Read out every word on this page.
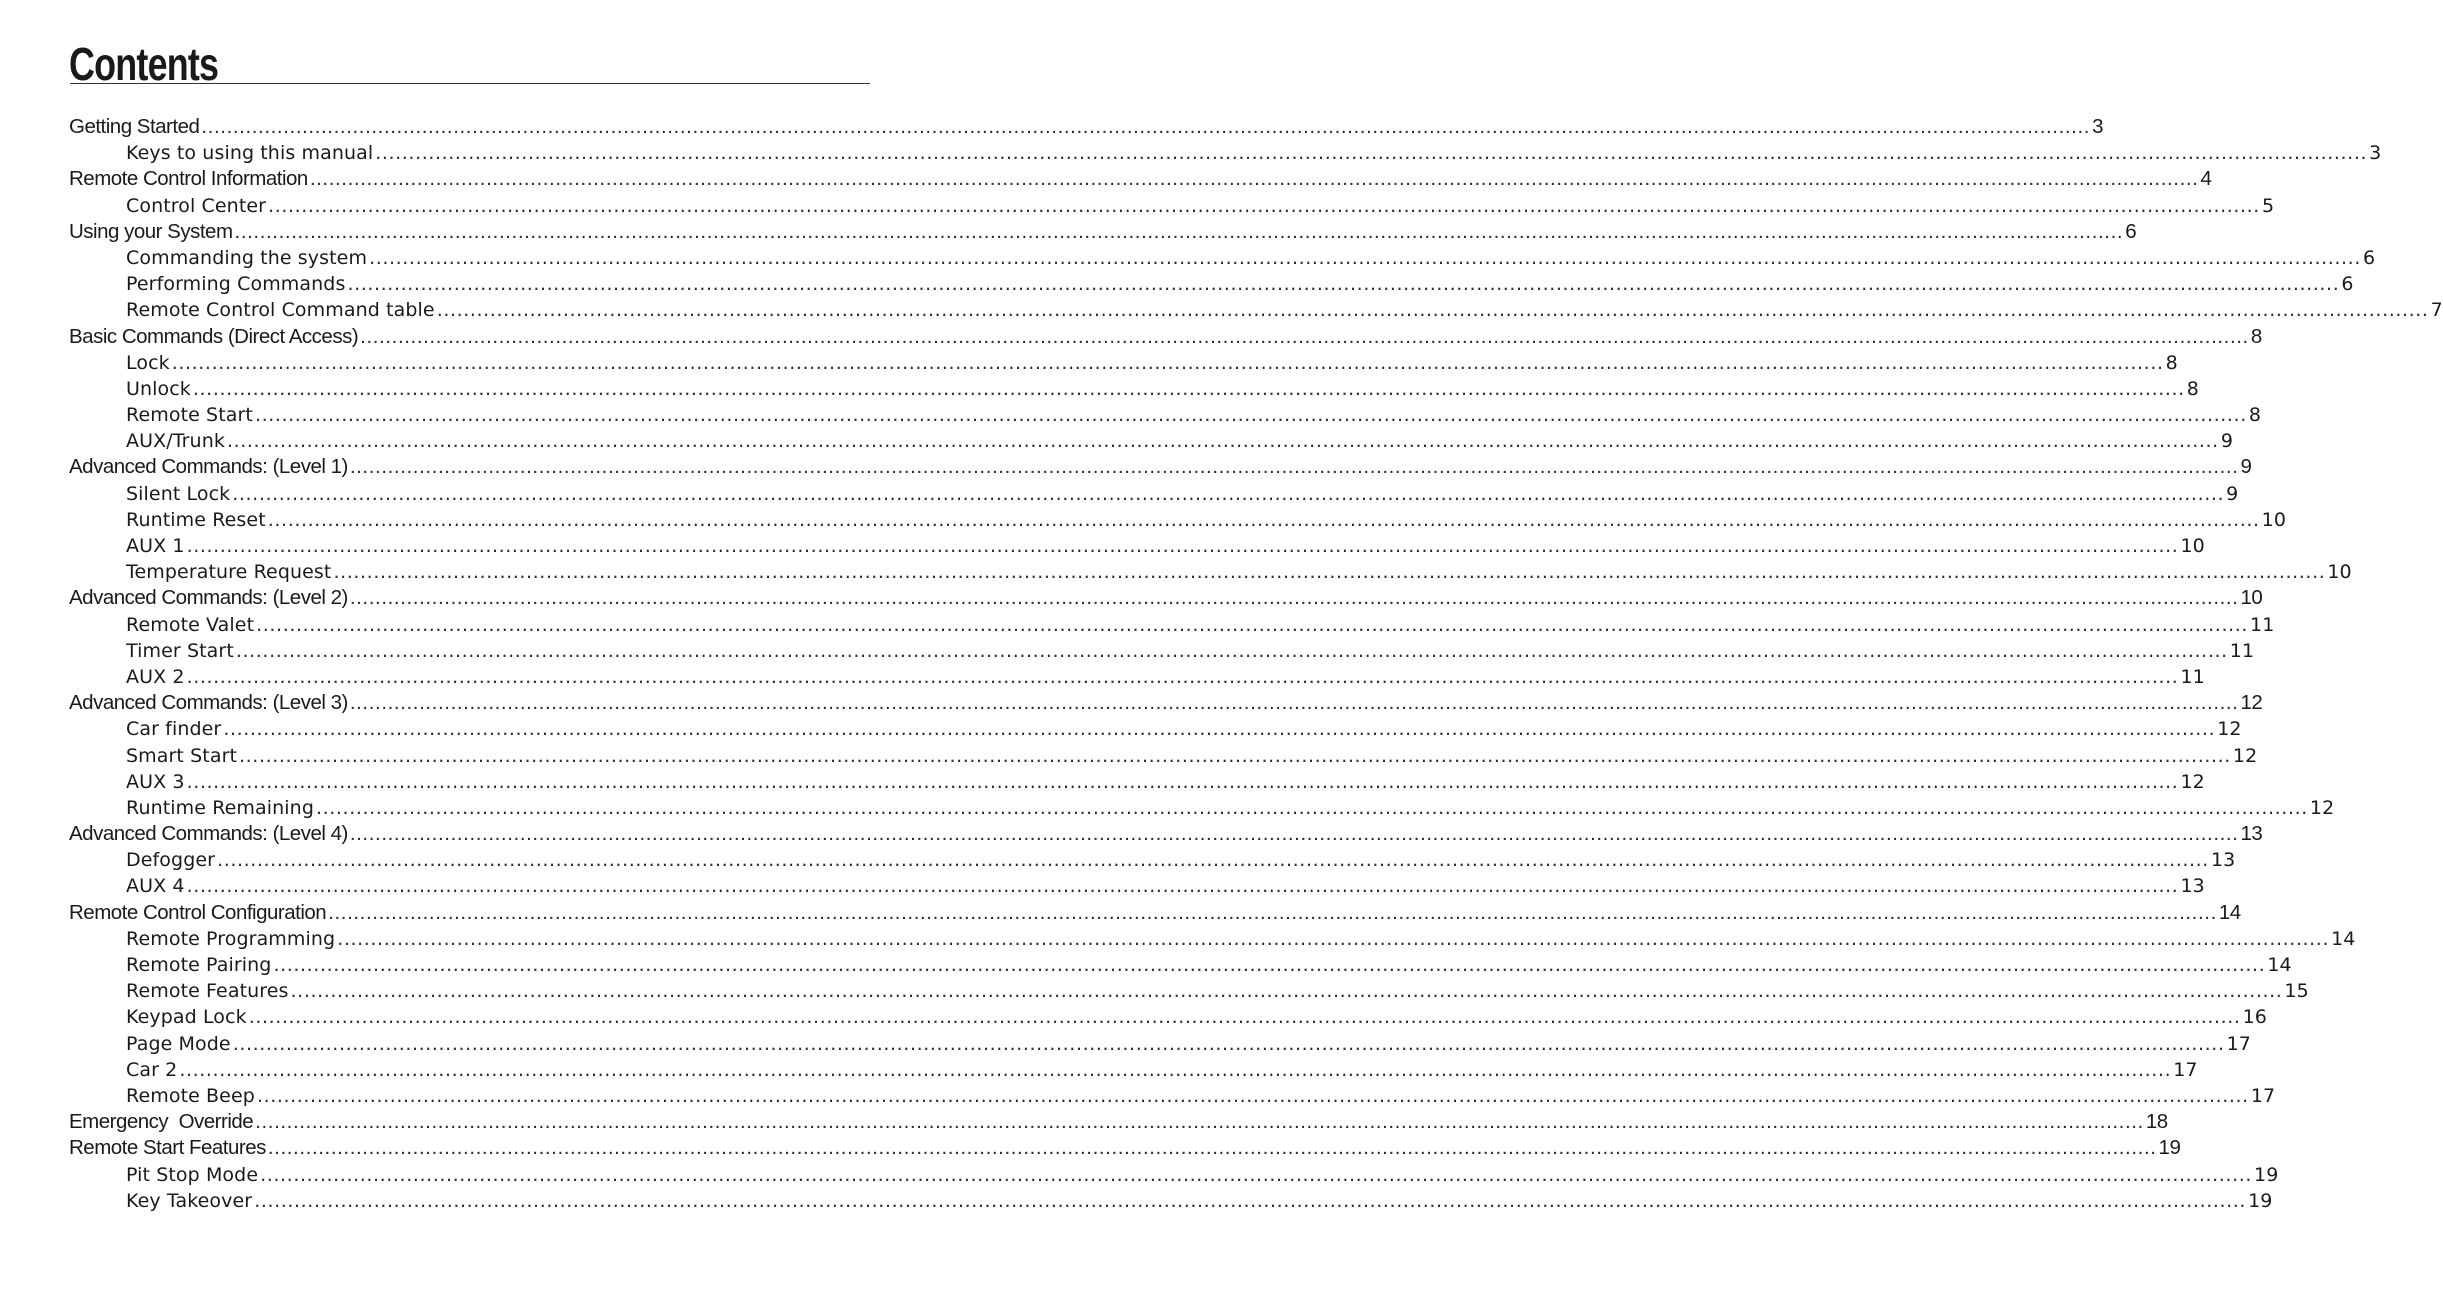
Contents
Getting Started ............................................................................................................................................................................................................................................................................................................ 3
Keys to using this manual ............................................................................................................................................................................................................................................................................................................ 3
Remote Control Information ............................................................................................................................................................................................................................................................................................................ 4
Control Center ............................................................................................................................................................................................................................................................................................................ 5
Using your System ............................................................................................................................................................................................................................................................................................................ 6
Commanding the system ............................................................................................................................................................................................................................................................................................................ 6
Performing Commands ............................................................................................................................................................................................................................................................................................................ 6
Remote Control Command table ............................................................................................................................................................................................................................................................................................................ 7
Basic Commands (Direct Access) ............................................................................................................................................................................................................................................................................................................ 8
Lock ............................................................................................................................................................................................................................................................................................................ 8
Unlock ............................................................................................................................................................................................................................................................................................................ 8
Remote Start ............................................................................................................................................................................................................................................................................................................ 8
AUX/Trunk ............................................................................................................................................................................................................................................................................................................ 9
Advanced Commands: (Level 1) ............................................................................................................................................................................................................................................................................................................ 9
Silent Lock ............................................................................................................................................................................................................................................................................................................ 9
Runtime Reset ............................................................................................................................................................................................................................................................................................................ 10
AUX 1 ............................................................................................................................................................................................................................................................................................................ 10
Temperature Request ............................................................................................................................................................................................................................................................................................................ 10
Advanced Commands: (Level 2) ............................................................................................................................................................................................................................................................................................................ 10
Remote Valet ............................................................................................................................................................................................................................................................................................................ 11
Timer Start ............................................................................................................................................................................................................................................................................................................ 11
AUX 2 ............................................................................................................................................................................................................................................................................................................ 11
Advanced Commands: (Level 3) ............................................................................................................................................................................................................................................................................................................ 12
Car finder ............................................................................................................................................................................................................................................................................................................ 12
Smart Start ............................................................................................................................................................................................................................................................................................................ 12
AUX 3 ............................................................................................................................................................................................................................................................................................................ 12
Runtime Remaining ............................................................................................................................................................................................................................................................................................................ 12
Advanced Commands: (Level 4) ............................................................................................................................................................................................................................................................................................................ 13
Defogger ............................................................................................................................................................................................................................................................................................................ 13
AUX 4 ............................................................................................................................................................................................................................................................................................................ 13
Remote Control Configuration ............................................................................................................................................................................................................................................................................................................ 14
Remote Programming ............................................................................................................................................................................................................................................................................................................ 14
Remote Pairing ............................................................................................................................................................................................................................................................................................................ 14
Remote Features ............................................................................................................................................................................................................................................................................................................ 15
Keypad Lock ............................................................................................................................................................................................................................................................................................................ 16
Page Mode ............................................................................................................................................................................................................................................................................................................ 17
Car 2 ............................................................................................................................................................................................................................................................................................................ 17
Remote Beep ............................................................................................................................................................................................................................................................................................................ 17
Emergency  Override ............................................................................................................................................................................................................................................................................................................ 18
Remote Start Features ............................................................................................................................................................................................................................................................................................................ 19
Pit Stop Mode ............................................................................................................................................................................................................................................................................................................ 19
Key Takeover ............................................................................................................................................................................................................................................................................................................ 19
